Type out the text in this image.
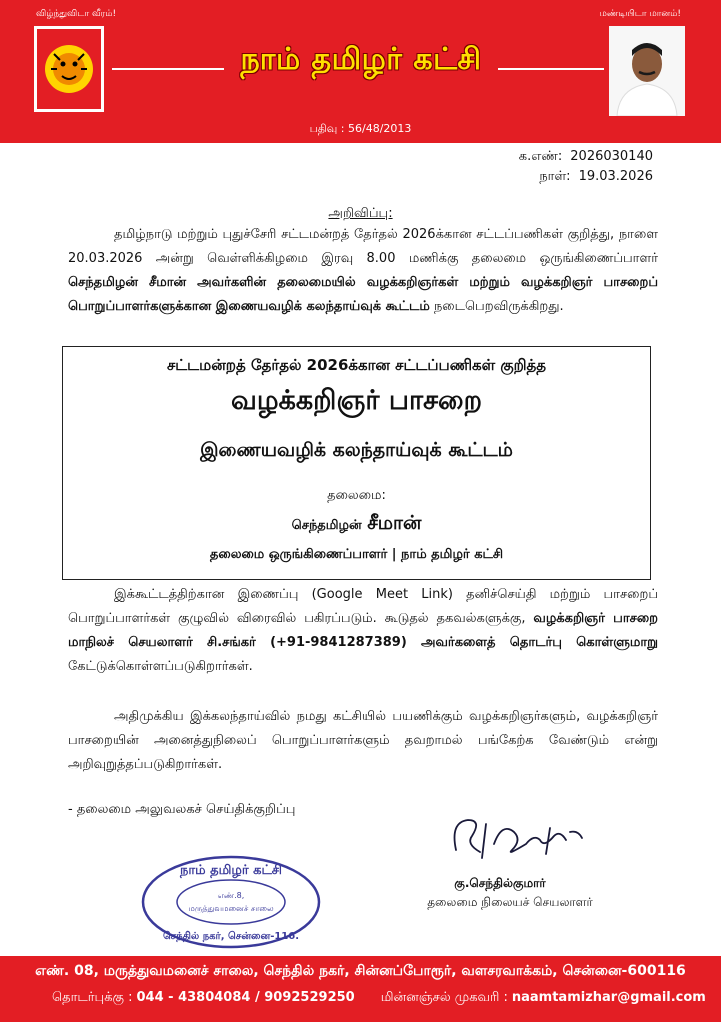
விழ்ந்துவிடா வீரம்!	மண்டியிடா மானம்!
நாம் தமிழர் கட்சி
பதிவு : 56/48/2013
க.எண்: 2026030140
நாள்: 19.03.2026
அறிவிப்பு:
தமிழ்நாடு மற்றும் புதுச்சேரி சட்டமன்றத் தேர்தல் 2026க்கான சட்டப்பணிகள் குறித்து, நாளை 20.03.2026 அன்று வெள்ளிக்கிழமை இரவு 8.00 மணிக்கு தலைமை ஒருங்கிணைப்பாளர் செந்தமிழன் சீமான் அவர்களின் தலைமையில் வழக்கறிஞர்கள் மற்றும் வழக்கறிஞர் பாசறைப் பொறுப்பாளர்களுக்கான இணையவழிக் கலந்தாய்வுக் கூட்டம் நடைபெறவிருக்கிறது.
சட்டமன்றத் தேர்தல் 2026க்கான சட்டப்பணிகள் குறித்த
வழக்கறிஞர் பாசறை
இணையவழிக் கலந்தாய்வுக் கூட்டம்
தலைமை:
செந்தமிழன் சீமான்
தலைமை ஒருங்கிணைப்பாளர் | நாம் தமிழர் கட்சி
இக்கூட்டத்திற்கான இணைப்பு (Google Meet Link) தனிச்செய்தி மற்றும் பாசறைப் பொறுப்பாளர்கள் குழுவில் விரைவில் பகிரப்படும். கூடுதல் தகவல்களுக்கு, வழக்கறிஞர் பாசறை மாநிலச் செயலாளர் சி.சங்கர் (+91-9841287389) அவர்களைத் தொடர்பு கொள்ளுமாறு கேட்டுக்கொள்ளப்படுகிறார்கள்.
அதிமுக்கிய இக்கலந்தாய்வில் நமது கட்சியில் பயணிக்கும் வழக்கறிஞர்களும், வழக்கறிஞர் பாசறையின் அனைத்துநிலைப் பொறுப்பாளர்களும் தவறாமல் பங்கேற்க வேண்டும் என்று அறிவுறுத்தப்படுகிறார்கள்.
- தலைமை அலுவலகச் செய்திக்குறிப்பு
கு.செந்தில்குமார்
தலைமை நிலையச் செயலாளர்
நாம் தமிழர் கட்சி
எண்.8,
மருத்துவமனைச் சாலை
செந்தில் நகர், சென்னை-116.
எண். 08, மருத்துவமனைச் சாலை, செந்தில் நகர், சின்னப்போரூர், வளசரவாக்கம், சென்னை-600116
தொடர்புக்கு : 044 - 43804084 / 9092529250 மின்னஞ்சல் முகவரி : naamtamizhar@gmail.com
